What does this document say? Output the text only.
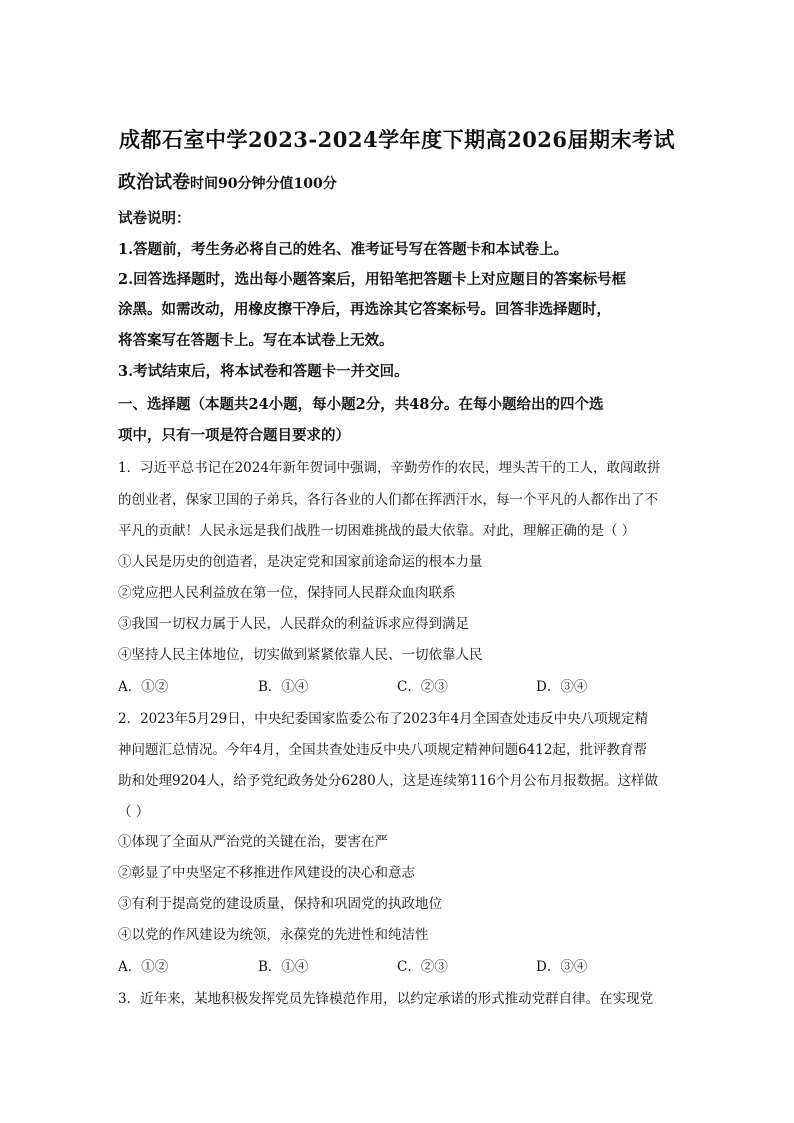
成都石室中学2023-2024学年度下期高2026届期末考试
政治试卷时间90分钟分值100分
试卷说明：
1.答题前，考生务必将自己的姓名、准考证号写在答题卡和本试卷上。
2.回答选择题时，选出每小题答案后，用铅笔把答题卡上对应题目的答案标号框
涂黑。如需改动，用橡皮擦干净后，再选涂其它答案标号。回答非选择题时，
将答案写在答题卡上。写在本试卷上无效。
3.考试结束后，将本试卷和答题卡一并交回。
一、选择题（本题共24小题，每小题2分，共48分。在每小题给出的四个选
项中，只有一项是符合题目要求的）
1．习近平总书记在2024年新年贺词中强调，辛勤劳作的农民，埋头苦干的工人，敢闯敢拼
的创业者，保家卫国的子弟兵，各行各业的人们都在挥洒汗水，每一个平凡的人都作出了不
平凡的贡献！人民永远是我们战胜一切困难挑战的最大依靠。对此，理解正确的是（ ）
①人民是历史的创造者，是决定党和国家前途命运的根本力量
②党应把人民利益放在第一位，保持同人民群众血肉联系
③我国一切权力属于人民，人民群众的利益诉求应得到满足
④坚持人民主体地位，切实做到紧紧依靠人民、一切依靠人民
A．①②	B．①④	C．②③	D．③④
2．2023年5月29日，中央纪委国家监委公布了2023年4月全国查处违反中央八项规定精
神问题汇总情况。今年4月，全国共查处违反中央八项规定精神问题6412起，批评教育帮
助和处理9204人，给予党纪政务处分6280人，这是连续第116个月公布月报数据。这样做
（ ）
①体现了全面从严治党的关键在治，要害在严
②彰显了中央坚定不移推进作风建设的决心和意志
③有利于提高党的建设质量，保持和巩固党的执政地位
④以党的作风建设为统领，永葆党的先进性和纯洁性
A．①②	B．①④	C．②③	D．③④
3．近年来，某地积极发挥党员先锋模范作用，以约定承诺的形式推动党群自律。在实现党
